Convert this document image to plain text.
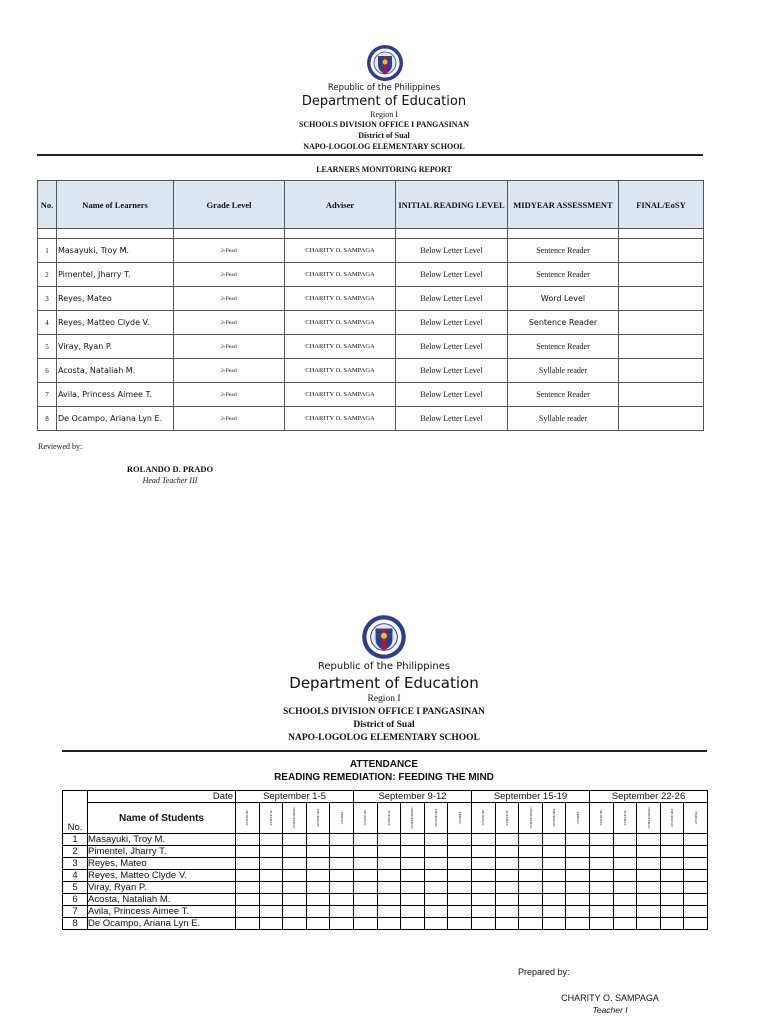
Republic of the Philippines
Department of Education
Region I
SCHOOLS DIVISION OFFICE I PANGASINAN
District of Sual
NAPO-LOGOLOG ELEMENTARY SCHOOL
LEARNERS MONITORING REPORT
No.	Name of Learners	Grade Level	Adviser	INITIAL READING LEVEL	MIDYEAR ASSESSMENT	FINAL/EoSY

1	Masayuki, Troy M.	2-Pearl	CHARITY O. SAMPAGA	Below Letter Level	Sentence Reader	
2	Pimentel, Jharry T.	2-Pearl	CHARITY O. SAMPAGA	Below Letter Level	Sentence Reader	
3	Reyes, Mateo	2-Pearl	CHARITY O. SAMPAGA	Below Letter Level	Word Level	
4	Reyes, Matteo Clyde V.	2-Pearl	CHARITY O. SAMPAGA	Below Letter Level	Sentence Reader	
5	Viray, Ryan P.	2-Pearl	CHARITY O. SAMPAGA	Below Letter Level	Sentence Reader	
6	Acosta, Nataliah M.	2-Pearl	CHARITY O. SAMPAGA	Below Letter Level	Syllable reader	
7	Avila, Princess Aimee T.	2-Pearl	CHARITY O. SAMPAGA	Below Letter Level	Sentence Reader	
8	De Ocampo, Ariana Lyn E.	2-Pearl	CHARITY O. SAMPAGA	Below Letter Level	Syllable reader	
Reviewed by:
ROLANDO D. PRADO
Head Teacher III
Republic of the Philippines
Department of Education
Region I
SCHOOLS DIVISION OFFICE I PANGASINAN
District of Sual
NAPO-LOGOLOG ELEMENTARY SCHOOL
ATTENDANCE
READING REMEDIATION: FEEDING THE MIND
No.	Date	September 1-5					September 9-12					September 15-19					September 22-26				
	Name of Students	MONDAY	TUESDAY	WEDNESDAY	THURSDAY	FRIDAY	MONDAY	TUESDAY	WEDNESDAY	THURSDAY	FRIDAY	MONDAY	TUESDAY	WEDNESDAY	THURSDAY	FRIDAY	MONDAY	TUESDAY	WEDNESDAY	THURSDAY	FRIDAY

1	Masayuki, Troy M.																				
2	Pimentel, Jharry T.																				
3	Reyes, Mateo																				
4	Reyes, Matteo Clyde V.																				
5	Viray, Ryan P.																				
6	Acosta, Nataliah M.																				
7	Avila, Princess Aimee T.																				
8	De Ocampo, Ariana Lyn E.																				
Prepared by:
CHARITY O. SAMPAGA
Teacher I
